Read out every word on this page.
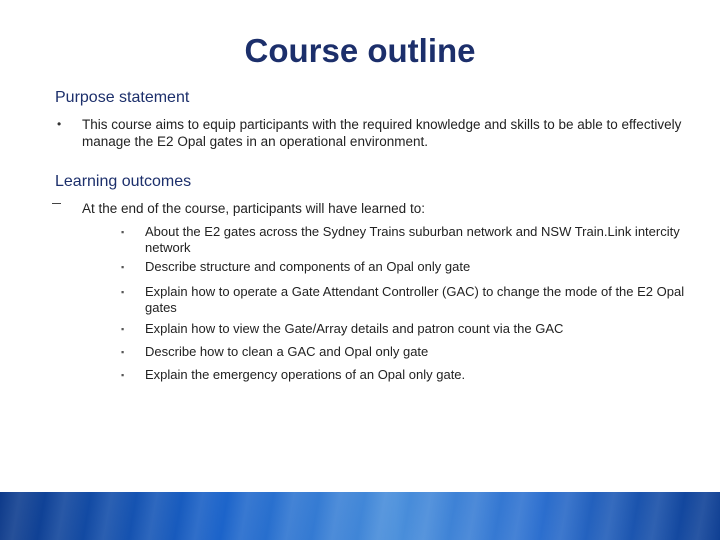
Course outline
Purpose statement
• This course aims to equip participants with the required knowledge and skills to be able to effectively manage the E2 Opal gates in an operational environment.
Learning outcomes
At the end of the course, participants will have learned to:
▪ About the E2 gates across the Sydney Trains suburban network and NSW Train.Link intercity network
▪ Describe structure and components of an Opal only gate
▪ Explain how to operate a Gate Attendant Controller (GAC) to change the mode of the E2 Opal gates
▪ Explain how to view the Gate/Array details and patron count via the GAC
▪ Describe how to clean a GAC and Opal only gate
▪ Explain the emergency operations of an Opal only gate.
